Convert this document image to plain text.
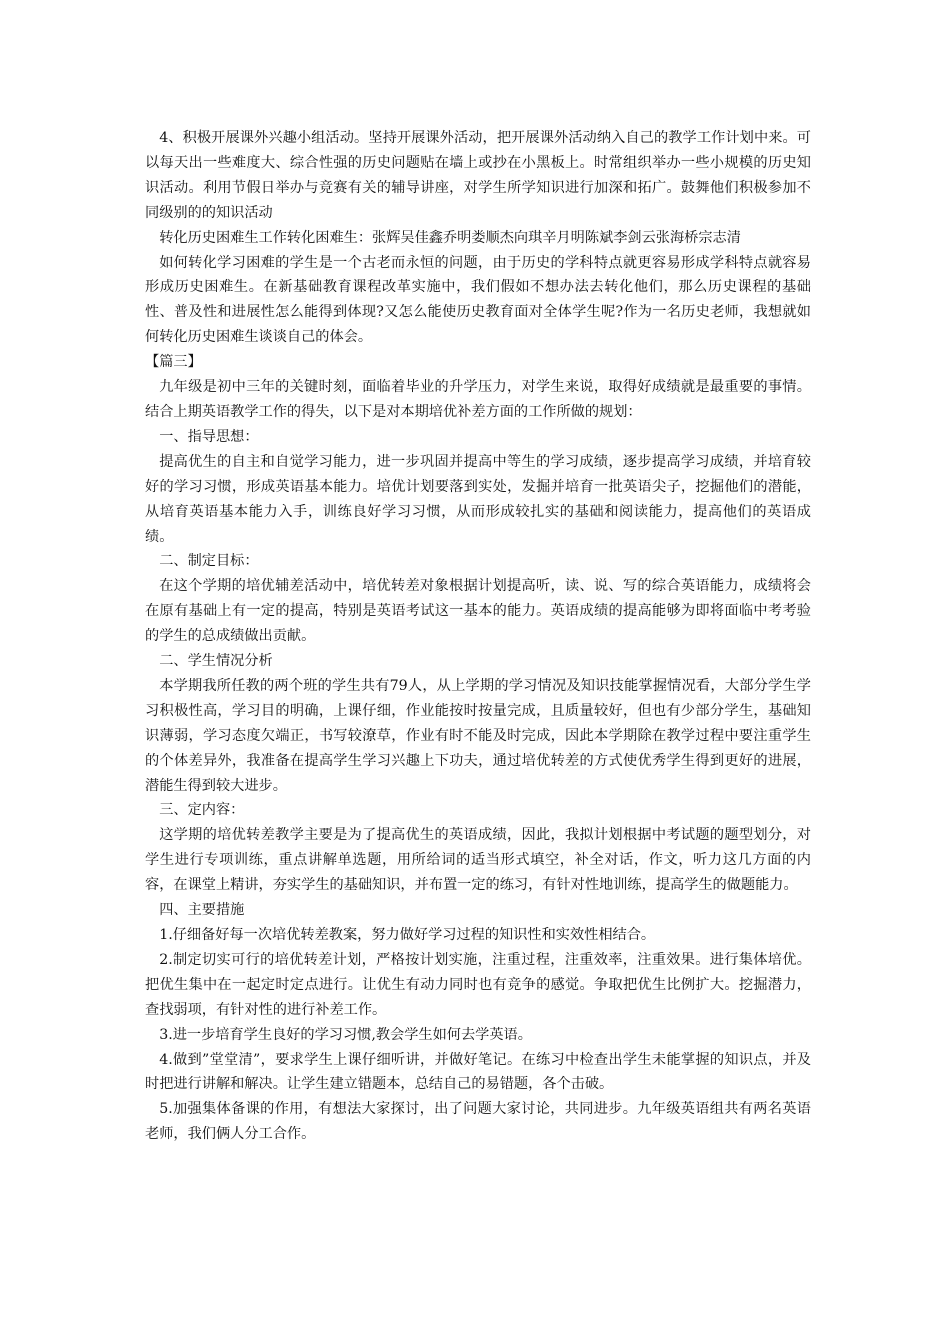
4、积极开展课外兴趣小组活动。坚持开展课外活动，把开展课外活动纳入自己的教学工作计划中来。可以每天出一些难度大、综合性强的历史问题贴在墙上或抄在小黑板上。时常组织举办一些小规模的历史知识活动。利用节假日举办与竞赛有关的辅导讲座，对学生所学知识进行加深和拓广。鼓舞他们积极参加不同级别的的知识活动

转化历史困难生工作转化困难生：张辉吴佳鑫乔明娄顺杰向琪辛月明陈斌李剑云张海桥宗志清

如何转化学习困难的学生是一个古老而永恒的问题，由于历史的学科特点就更容易形成学科特点就容易形成历史困难生。在新基础教育课程改革实施中，我们假如不想办法去转化他们，那么历史课程的基础性、普及性和进展性怎么能得到体现?又怎么能使历史教育面对全体学生呢?作为一名历史老师，我想就如何转化历史困难生谈谈自己的体会。

【篇三】

九年级是初中三年的关键时刻，面临着毕业的升学压力，对学生来说，取得好成绩就是最重要的事情。结合上期英语教学工作的得失，以下是对本期培优补差方面的工作所做的规划：

一、指导思想：

提高优生的自主和自觉学习能力，进一步巩固并提高中等生的学习成绩，逐步提高学习成绩，并培育较好的学习习惯，形成英语基本能力。培优计划要落到实处，发掘并培育一批英语尖子，挖掘他们的潜能，从培育英语基本能力入手，训练良好学习习惯，从而形成较扎实的基础和阅读能力，提高他们的英语成绩。

二、制定目标：

在这个学期的培优辅差活动中，培优转差对象根据计划提高听，读、说、写的综合英语能力，成绩将会在原有基础上有一定的提高，特别是英语考试这一基本的能力。英语成绩的提高能够为即将面临中考考验的学生的总成绩做出贡献。

二、学生情况分析

本学期我所任教的两个班的学生共有79人，从上学期的学习情况及知识技能掌握情况看，大部分学生学习积极性高，学习目的明确，上课仔细，作业能按时按量完成，且质量较好，但也有少部分学生，基础知识薄弱，学习态度欠端正，书写较潦草，作业有时不能及时完成，因此本学期除在教学过程中要注重学生的个体差异外，我准备在提高学生学习兴趣上下功夫，通过培优转差的方式使优秀学生得到更好的进展，潜能生得到较大进步。

三、定内容：

这学期的培优转差教学主要是为了提高优生的英语成绩，因此，我拟计划根据中考试题的题型划分，对学生进行专项训练，重点讲解单选题，用所给词的适当形式填空，补全对话，作文，听力这几方面的内容，在课堂上精讲，夯实学生的基础知识，并布置一定的练习，有针对性地训练，提高学生的做题能力。

四、主要措施

1.仔细备好每一次培优转差教案，努力做好学习过程的知识性和实效性相结合。

2.制定切实可行的培优转差计划，严格按计划实施，注重过程，注重效率，注重效果。进行集体培优。把优生集中在一起定时定点进行。让优生有动力同时也有竞争的感觉。争取把优生比例扩大。挖掘潜力，查找弱项，有针对性的进行补差工作。

3.进一步培育学生良好的学习习惯,教会学生如何去学英语。

4.做到”堂堂清”，要求学生上课仔细听讲，并做好笔记。在练习中检查出学生未能掌握的知识点，并及时把进行讲解和解决。让学生建立错题本，总结自己的易错题，各个击破。

5.加强集体备课的作用，有想法大家探讨，出了问题大家讨论，共同进步。九年级英语组共有两名英语老师，我们俩人分工合作。
